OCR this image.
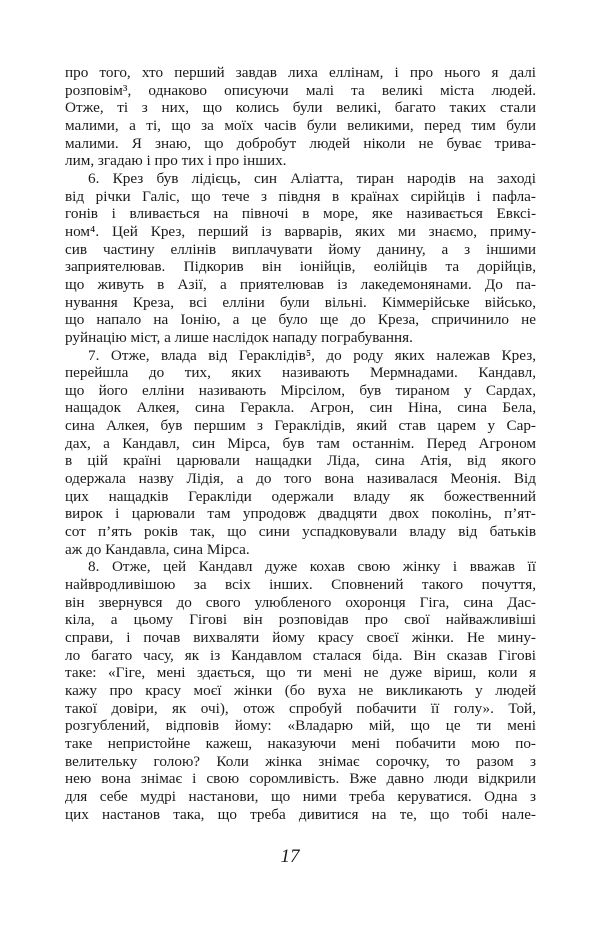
про того, хто перший завдав лиха еллінам, і про нього я далі
розповім³, однаково описуючи малі та великі міста людей.
Отже, ті з них, що колись були великі, багато таких стали
малими, а ті, що за моїх часів були великими, перед тим були
малими. Я знаю, що добробут людей ніколи не буває трива-
лим, згадаю і про тих і про інших.
6. Крез був лідієць, син Аліатта, тиран народів на заході
від річки Галіс, що тече з півдня в країнах сирійців і пафла-
гонів і вливається на півночі в море, яке називається Евксі-
ном⁴. Цей Крез, перший із варварів, яких ми знаємо, приму-
сив частину еллінів виплачувати йому данину, а з іншими
заприятелював. Підкорив він іонійців, еолійців та дорійців,
що живуть в Азії, а приятелював із лакедемонянами. До па-
нування Креза, всі елліни були вільні. Кіммерійське військо,
що напало на Іонію, а це було ще до Креза, спричинило не
руйнацію міст, а лише наслідок нападу пограбування.
7. Отже, влада від Гераклідів⁵, до роду яких належав Крез,
перейшла до тих, яких називають Мермнадами. Кандавл,
що його елліни називають Мірсілом, був тираном у Сардах,
нащадок Алкея, сина Геракла. Агрон, син Ніна, сина Бела,
сина Алкея, був першим з Гераклідів, який став царем у Сар-
дах, а Кандавл, син Мірса, був там останнім. Перед Агроном
в цій країні царювали нащадки Ліда, сина Атія, від якого
одержала назву Лідія, а до того вона називалася Меонія. Від
цих нащадків Геракліди одержали владу як божественний
вирок і царювали там упродовж двадцяти двох поколінь, п’ят-
сот п’ять років так, що сини успадковували владу від батьків
аж до Кандавла, сина Мірса.
8. Отже, цей Кандавл дуже кохав свою жінку і вважав її
найвродливішою за всіх інших. Сповнений такого почуття,
він звернувся до свого улюбленого охоронця Гіга, сина Дас-
кіла, а цьому Гігові він розповідав про свої найважливіші
справи, і почав вихваляти йому красу своєї жінки. Не мину-
ло багато часу, як із Кандавлом сталася біда. Він сказав Гігові
таке: «Гіге, мені здається, що ти мені не дуже віриш, коли я
кажу про красу моєї жінки (бо вуха не викликають у людей
такої довіри, як очі), отож спробуй побачити її голу». Той,
розгублений, відповів йому: «Владарю мій, що це ти мені
таке непристойне кажеш, наказуючи мені побачити мою по-
велительку голою? Коли жінка знімає сорочку, то разом з
нею вона знімає і свою соромливість. Вже давно люди відкрили
для себе мудрі настанови, що ними треба керуватися. Одна з
цих настанов така, що треба дивитися на те, що тобі нале-
17
